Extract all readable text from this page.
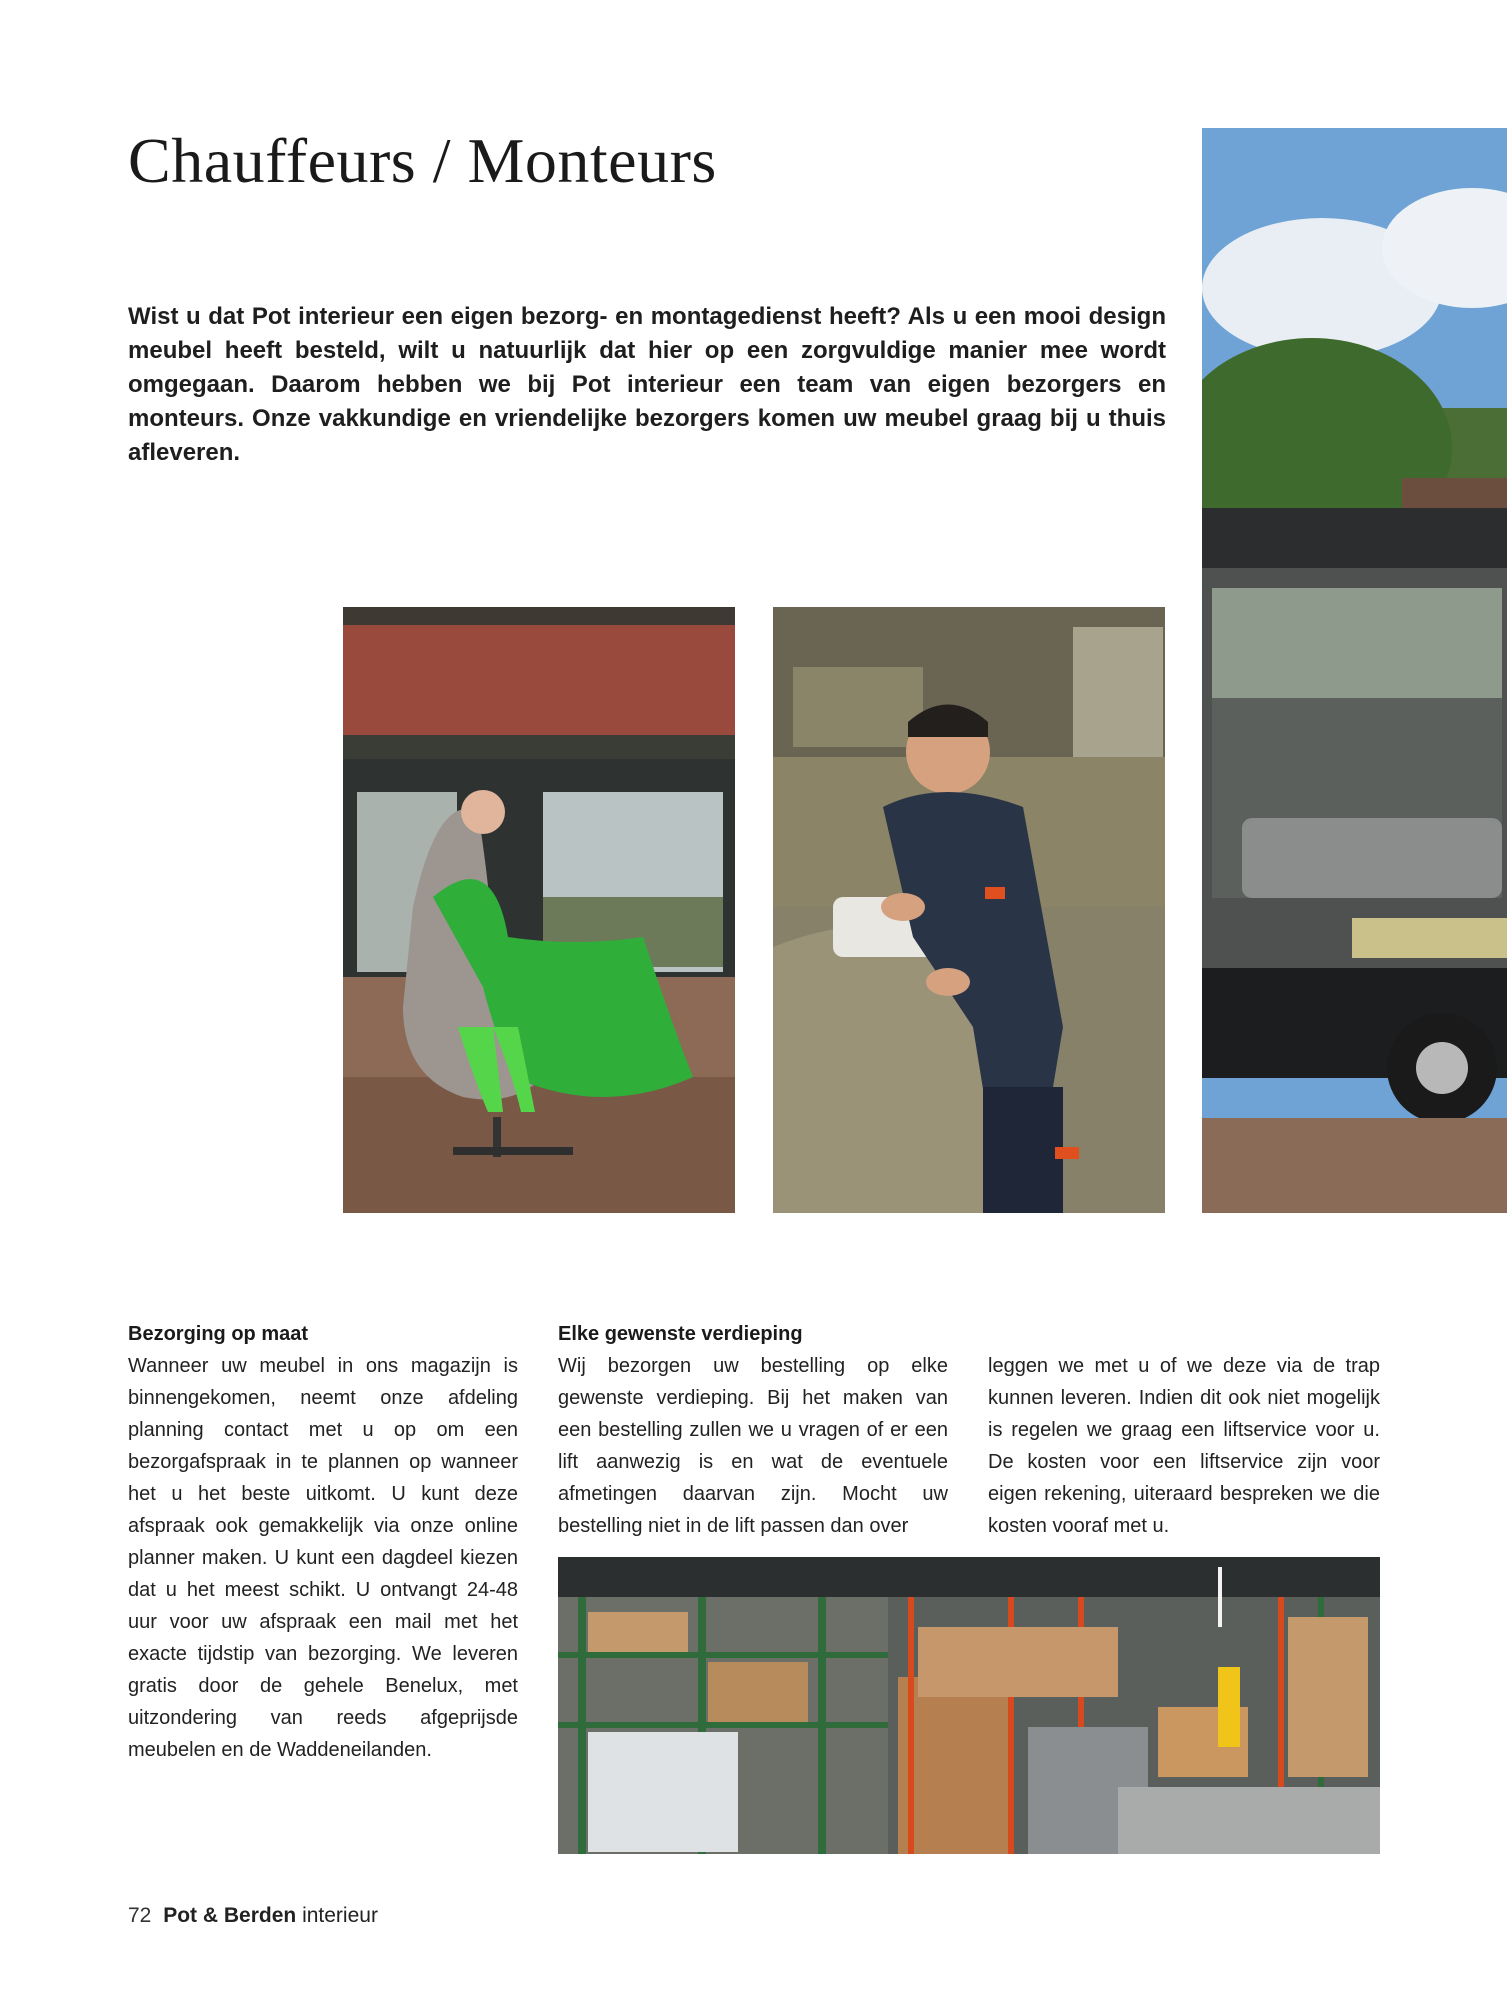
Chauffeurs / Monteurs
Wist u dat Pot interieur een eigen bezorg- en montagedienst heeft? Als u een mooi design meubel heeft besteld, wilt u natuurlijk dat hier op een zorgvuldige manier mee wordt omgegaan. Daarom hebben we bij Pot interieur een team van eigen bezorgers en monteurs. Onze vakkundige en vriendelijke bezorgers komen uw meubel graag bij u thuis afleveren.
Bezorging op maat
Wanneer uw meubel in ons magazijn is binnengekomen, neemt onze afdeling planning contact met u op om een bezorgafspraak in te plannen op wanneer het u het beste uitkomt. U kunt deze afspraak ook gemakkelijk via onze online planner maken. U kunt een dagdeel kiezen dat u het meest schikt. U ontvangt 24-48 uur voor uw afspraak een mail met het exacte tijdstip van bezorging. We leveren gratis door de gehele Benelux, met uitzondering van reeds afgeprijsde meubelen en de Waddeneilanden.
Elke gewenste verdieping
Wij bezorgen uw bestelling op elke gewenste verdieping. Bij het maken van een bestelling zullen we u vragen of er een lift aanwezig is en wat de eventuele afmetingen daarvan zijn. Mocht uw bestelling niet in de lift passen dan over
leggen we met u of we deze via de trap kunnen leveren. Indien dit ook niet mogelijk is regelen we graag een liftservice voor u. De kosten voor een liftservice zijn voor eigen rekening, uiteraard bespreken we die kosten vooraf met u.
72 Pot & Berden interieur
